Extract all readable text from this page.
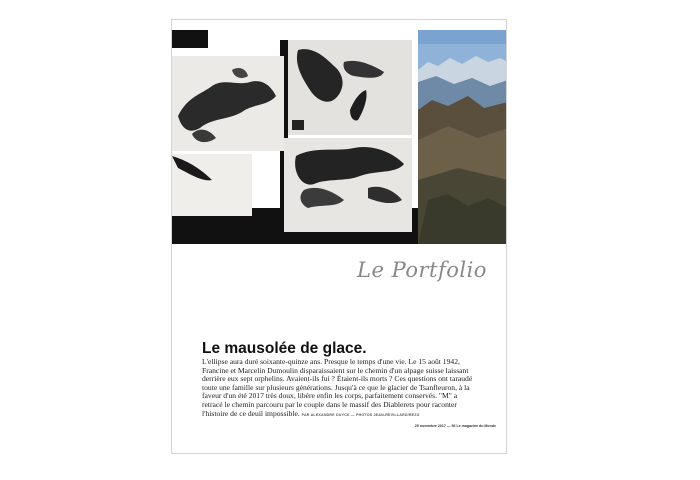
Le Portfolio
Le mausolée de glace.
L'ellipse aura duré soixante-quinze ans. Presque le temps d'une vie. Le 15 août 1942, Francine et Marcelin Dumoulin disparaissaient sur le chemin d'un alpage suisse laissant derrière eux sept orphelins. Avaient-ils fui ? Étaient-ils morts ? Ces questions ont taraudé toute une famille sur plusieurs générations. Jusqu'à ce que le glacier de Tsanfleuron, à la faveur d'un été 2017 très doux, libère enfin les corps, parfaitement conservés. "M" a retracé le chemin parcouru par le couple dans le massif des Diablerets pour raconter l'histoire de ce deuil impossible. PAR ALEXANDRE DUYCK — PHOTOS JEAN-REVILLARD/REZO
25 novembre 2017 — 56 Le magazine du Monde
